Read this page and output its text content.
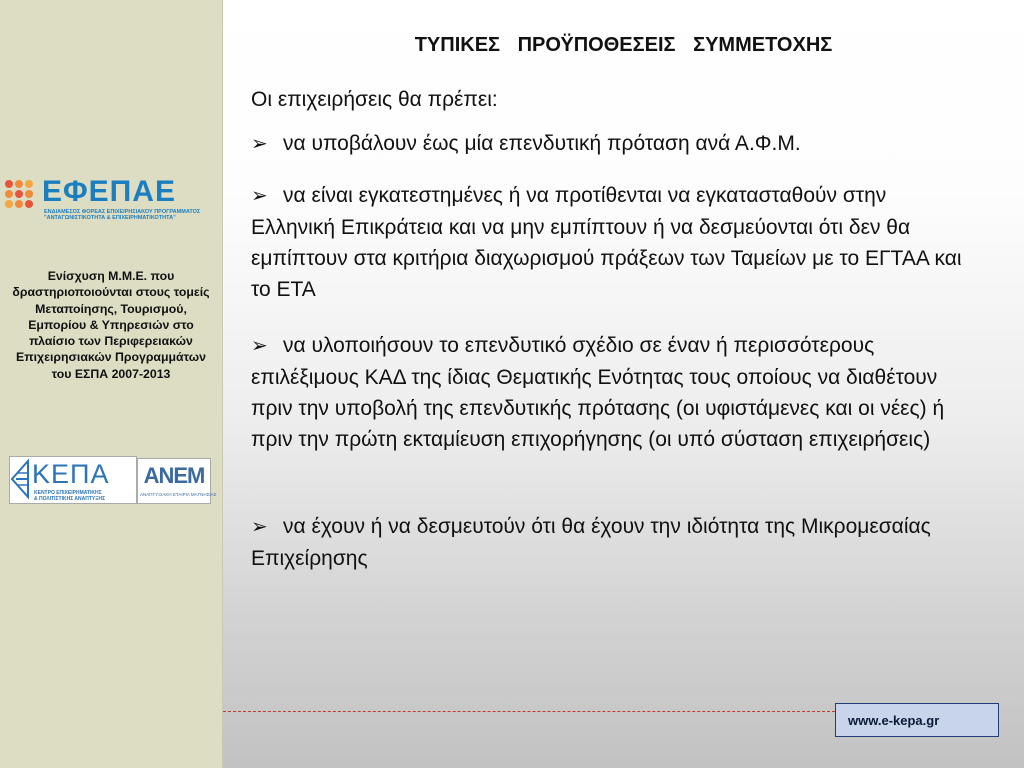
ΕΦΕΠΑΕ
ΕΝΔΙΑΜΕΣΟΣ ΦΟΡΕΑΣ ΕΠΙΧΕΙΡΗΣΙΑΚΟΥ ΠΡΟΓΡΑΜΜΑΤΟΣ
"ΑΝΤΑΓΩΝΙΣΤΙΚΟΤΗΤΑ & ΕΠΙΧΕΙΡΗΜΑΤΙΚΟΤΗΤΑ"
Ενίσχυση Μ.Μ.Ε. που δραστηριοποιούνται στους τομείς Μεταποίησης, Τουρισμού, Εμπορίου & Υπηρεσιών στο πλαίσιο των Περιφερειακών Επιχειρησιακών Προγραμμάτων του ΕΣΠΑ 2007-2013
ΚΕΠΑ
ΚΕΝΤΡΟ ΕΠΙΧΕΙΡΗΜΑΤΙΚΗΣ
& ΠΟΛΙΤΙΣΤΙΚΗΣ ΑΝΑΠΤΥΞΗΣ
ΑΝΕΜ
ΑΝΑΠΤΥΞΙΑΚΗ ΕΤΑΙΡΙΑ ΜΑΓΝΗΣΙΑΣ
ΤΥΠΙΚΕΣ ΠΡΟΫΠΟΘΕΣΕΙΣ ΣΥΜΜΕΤΟΧΗΣ
Οι επιχειρήσεις θα πρέπει:
➢ να υποβάλουν έως μία επενδυτική πρόταση ανά Α.Φ.Μ.
➢ να είναι εγκατεστημένες ή να προτίθενται να εγκατασταθούν στην Ελληνική Επικράτεια και να μην εμπίπτουν ή να δεσμεύονται ότι δεν θα εμπίπτουν στα κριτήρια διαχωρισμού πράξεων των Ταμείων με το ΕΓΤΑΑ και το ΕΤΑ
➢ να υλοποιήσουν το επενδυτικό σχέδιο σε έναν ή περισσότερους επιλέξιμους ΚΑΔ της ίδιας Θεματικής Ενότητας τους οποίους να διαθέτουν πριν την υποβολή της επενδυτικής πρότασης (οι υφιστάμενες και οι νέες) ή πριν την πρώτη εκταμίευση επιχορήγησης (οι υπό σύσταση επιχειρήσεις)
➢ να έχουν ή να δεσμευτούν ότι θα έχουν την ιδιότητα της Μικρομεσαίας Επιχείρησης
www.e-kepa.gr
